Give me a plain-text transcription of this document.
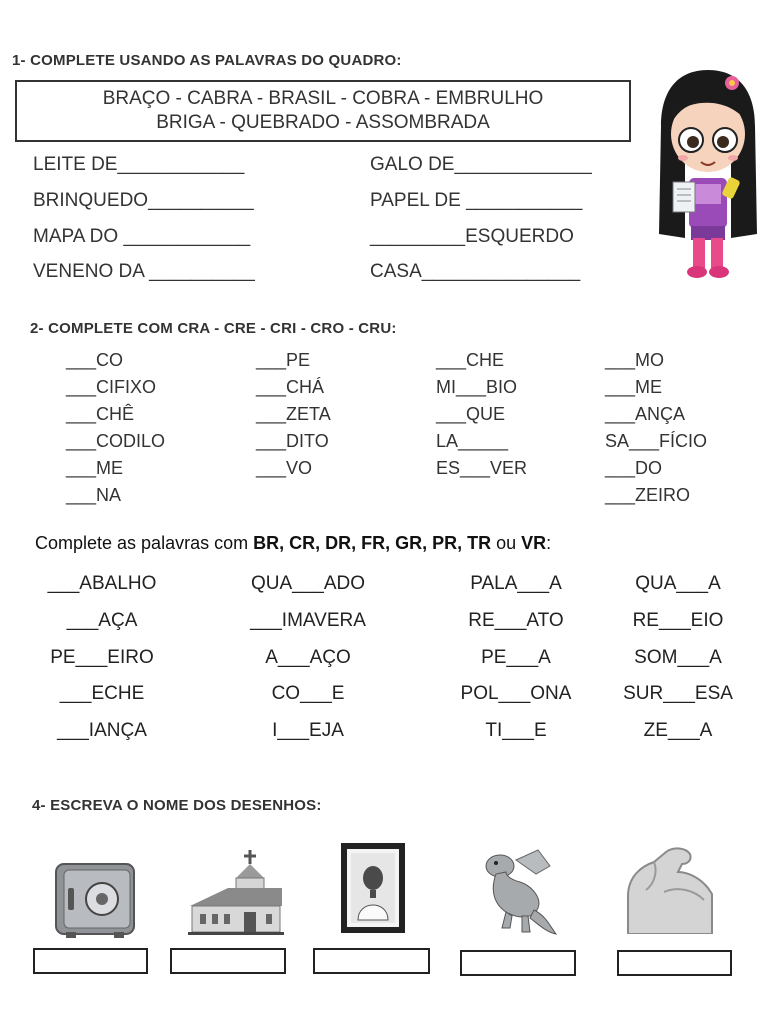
1- COMPLETE USANDO AS PALAVRAS DO QUADRO:
BRAÇO - CABRA - BRASIL - COBRA - EMBRULHO
BRIGA - QUEBRADO - ASSOMBRADA
LEITE DE____________	GALO DE_____________
BRINQUEDO__________	PAPEL DE ___________
MAPA DO ____________	_________ESQUERDO
VENENO DA __________	CASA_______________
2- COMPLETE COM CRA - CRE - CRI - CRO - CRU:
___CO
___CIFIXO
___CHÊ
___CODILO
___ME
___NA
___PE
___CHÁ
___ZETA
___DITO
___VO
___CHE
MI___BIO
___QUE
LA_____
ES___VER
___MO
___ME
___ANÇA
SA___FÍCIO
___DO
___ZEIRO
Complete as palavras com BR, CR, DR, FR, GR, PR, TR ou VR:
___ABALHO	QUA___ADO	PALA___A	QUA___A
___AÇA	___IMAVERA	RE___ATO	RE___EIO
PE___EIRO	A___AÇO	PE___A	SOM___A
___ECHE	CO___E	POL___ONA	SUR___ESA
___IANÇA	I___EJA	TI___E	ZE___A
4- ESCREVA O NOME DOS DESENHOS:
